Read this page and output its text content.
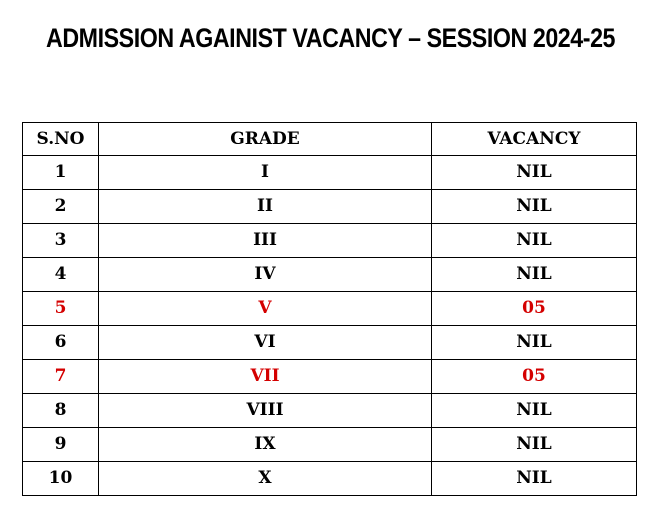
ADMISSION AGAINIST VACANCY – SESSION 2024-25
S.NO	GRADE	VACANCY
1	I	NIL
2	II	NIL
3	III	NIL
4	IV	NIL
5	V	05
6	VI	NIL
7	VII	05
8	VIII	NIL
9	IX	NIL
10	X	NIL
